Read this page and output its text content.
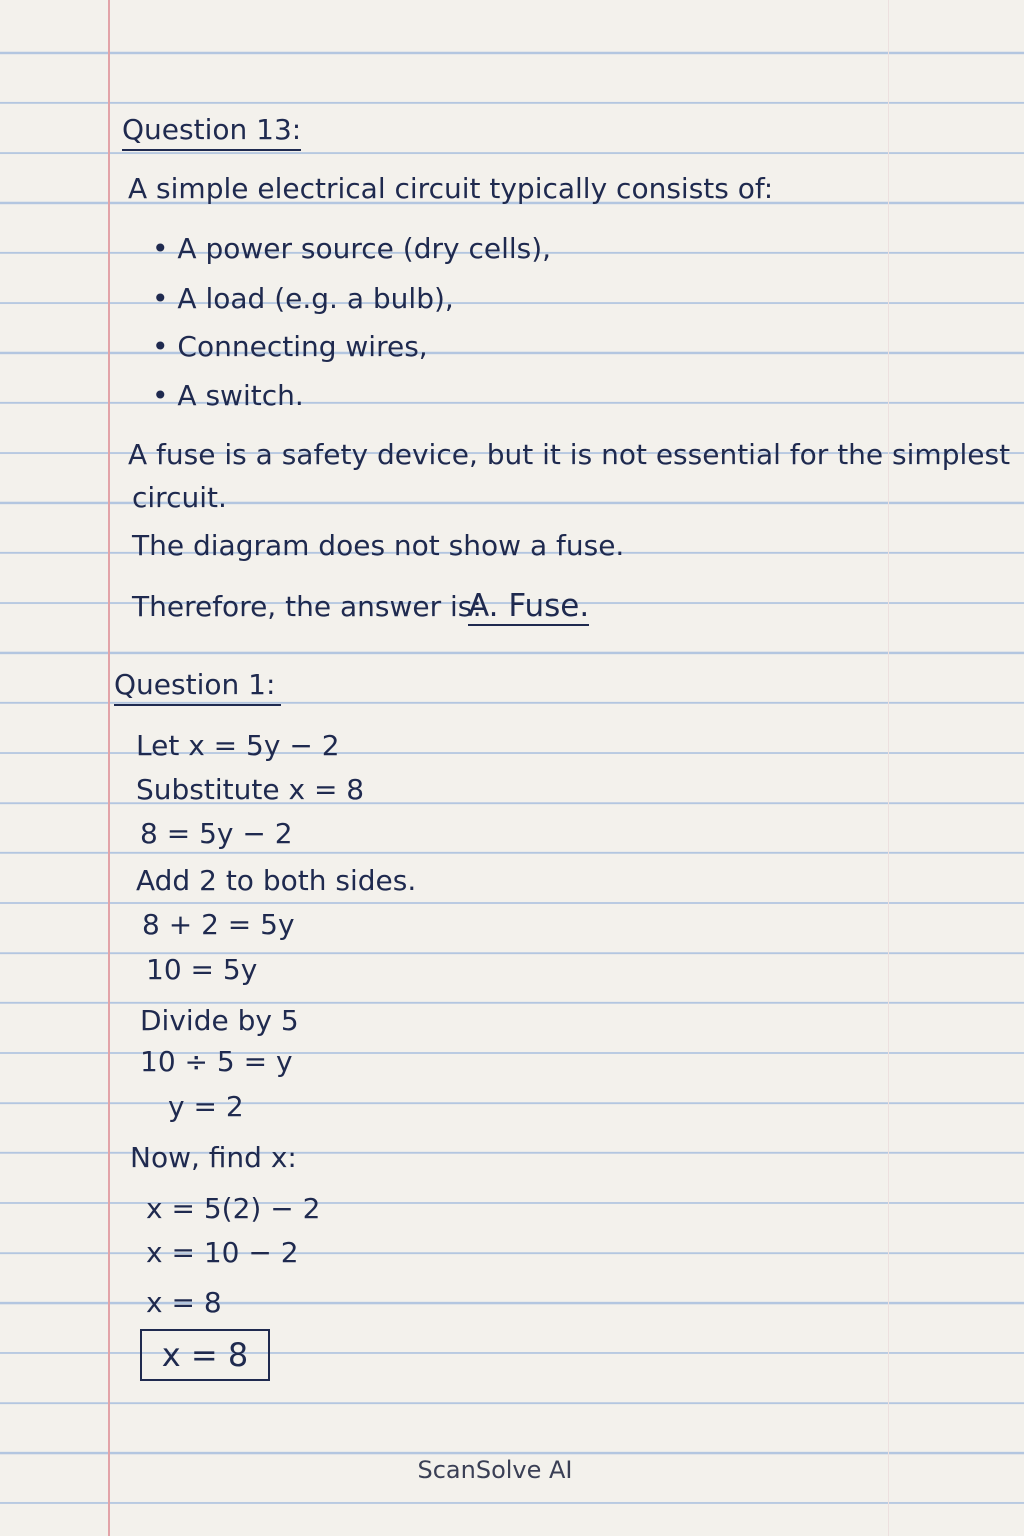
Question 13:
A simple electrical circuit typically consists of:
• A power source (dry cells),
• A load (e.g. a bulb),
• Connecting wires,
• A switch.
A fuse is a safety device, but it is not essential for the simplest
circuit.
The diagram does not show a fuse.
Therefore, the answer is:
A. Fuse.
Question 1:
Let x = 5y − 2
Substitute x = 8
8 = 5y − 2
Add 2 to both sides.
8 + 2 = 5y
10 = 5y
Divide by 5
10 ÷ 5 = y
y = 2
Now, find x:
x = 5(2) − 2
x = 10 − 2
x = 8
x = 8
ScanSolve AI
